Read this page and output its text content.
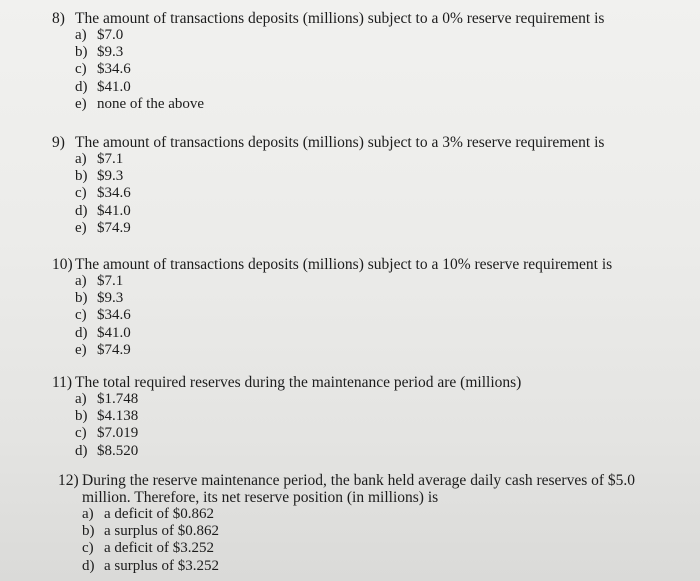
8) The amount of transactions deposits (millions) subject to a 0% reserve requirement is
a) $7.0
b) $9.3
c) $34.6
d) $41.0
e) none of the above
9) The amount of transactions deposits (millions) subject to a 3% reserve requirement is
a) $7.1
b) $9.3
c) $34.6
d) $41.0
e) $74.9
10) The amount of transactions deposits (millions) subject to a 10% reserve requirement is
a) $7.1
b) $9.3
c) $34.6
d) $41.0
e) $74.9
11) The total required reserves during the maintenance period are (millions)
a) $1.748
b) $4.138
c) $7.019
d) $8.520
12) During the reserve maintenance period, the bank held average daily cash reserves of $5.0
million. Therefore, its net reserve position (in millions) is
a) a deficit of $0.862
b) a surplus of $0.862
c) a deficit of $3.252
d) a surplus of $3.252
